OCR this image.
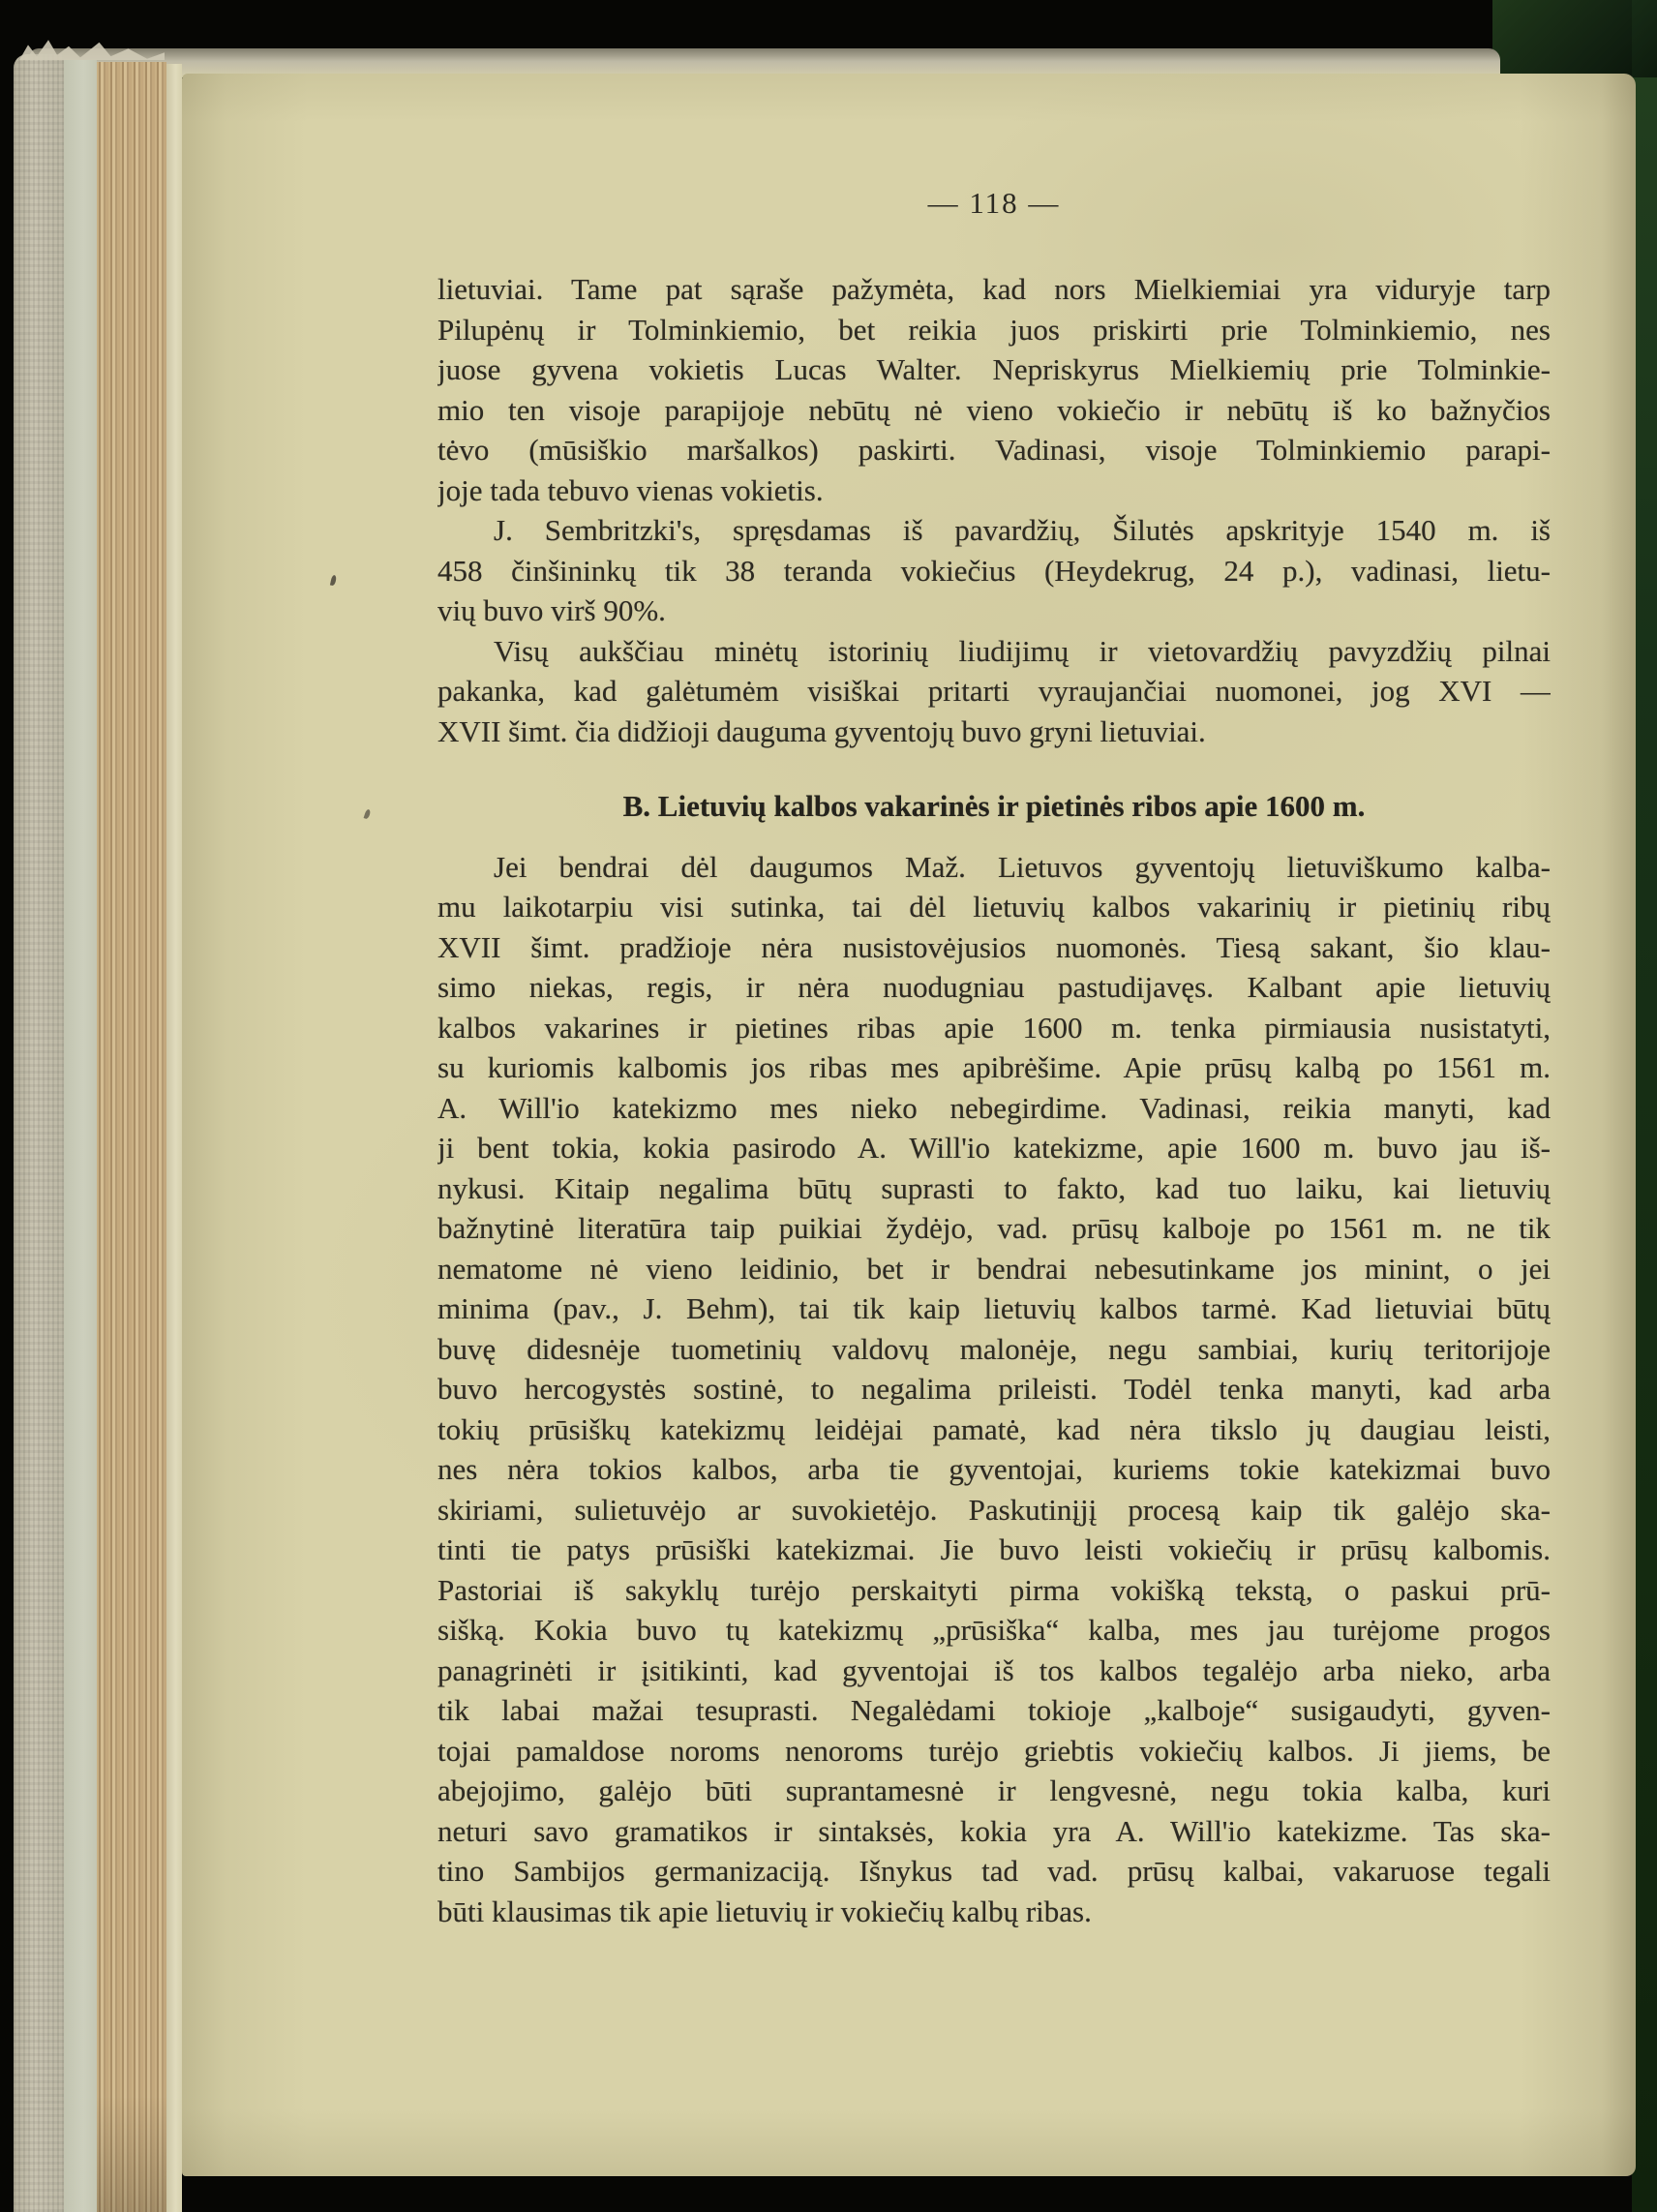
— 118 —
lietuviai. Tame pat sąraše pažymėta, kad nors Mielkiemiai yra viduryje tarp
Pilupėnų ir Tolminkiemio, bet reikia juos priskirti prie Tolminkiemio, nes
juose gyvena vokietis Lucas Walter. Nepriskyrus Mielkiemių prie Tolminkie-
mio ten visoje parapijoje nebūtų nė vieno vokiečio ir nebūtų iš ko bažnyčios
tėvo (mūsiškio maršalkos) paskirti. Vadinasi, visoje Tolminkiemio parapi-
joje tada tebuvo vienas vokietis.
J. Sembritzki's, spręsdamas iš pavardžių, Šilutės apskrityje 1540 m. iš
458 činšininkų tik 38 teranda vokiečius (Heydekrug, 24 p.), vadinasi, lietu-
vių buvo virš 90%.
Visų aukščiau minėtų istorinių liudijimų ir vietovardžių pavyzdžių pilnai
pakanka, kad galėtumėm visiškai pritarti vyraujančiai nuomonei, jog XVI —
XVII šimt. čia didžioji dauguma gyventojų buvo gryni lietuviai.
B. Lietuvių kalbos vakarinės ir pietinės ribos apie 1600 m.
Jei bendrai dėl daugumos Maž. Lietuvos gyventojų lietuviškumo kalba-
mu laikotarpiu visi sutinka, tai dėl lietuvių kalbos vakarinių ir pietinių ribų
XVII šimt. pradžioje nėra nusistovėjusios nuomonės. Tiesą sakant, šio klau-
simo niekas, regis, ir nėra nuodugniau pastudijavęs. Kalbant apie lietuvių
kalbos vakarines ir pietines ribas apie 1600 m. tenka pirmiausia nusistatyti,
su kuriomis kalbomis jos ribas mes apibrėšime. Apie prūsų kalbą po 1561 m.
A. Will'io katekizmo mes nieko nebegirdime. Vadinasi, reikia manyti, kad
ji bent tokia, kokia pasirodo A. Will'io katekizme, apie 1600 m. buvo jau iš-
nykusi. Kitaip negalima būtų suprasti to fakto, kad tuo laiku, kai lietuvių
bažnytinė literatūra taip puikiai žydėjo, vad. prūsų kalboje po 1561 m. ne tik
nematome nė vieno leidinio, bet ir bendrai nebesutinkame jos minint, o jei
minima (pav., J. Behm), tai tik kaip lietuvių kalbos tarmė. Kad lietuviai būtų
buvę didesnėje tuometinių valdovų malonėje, negu sambiai, kurių teritorijoje
buvo hercogystės sostinė, to negalima prileisti. Todėl tenka manyti, kad arba
tokių prūsiškų katekizmų leidėjai pamatė, kad nėra tikslo jų daugiau leisti,
nes nėra tokios kalbos, arba tie gyventojai, kuriems tokie katekizmai buvo
skiriami, sulietuvėjo ar suvokietėjo. Paskutinįjį procesą kaip tik galėjo ska-
tinti tie patys prūsiški katekizmai. Jie buvo leisti vokiečių ir prūsų kalbomis.
Pastoriai iš sakyklų turėjo perskaityti pirma vokišką tekstą, o paskui prū-
sišką. Kokia buvo tų katekizmų „prūsiška“ kalba, mes jau turėjome progos
panagrinėti ir įsitikinti, kad gyventojai iš tos kalbos tegalėjo arba nieko, arba
tik labai mažai tesuprasti. Negalėdami tokioje „kalboje“ susigaudyti, gyven-
tojai pamaldose noroms nenoroms turėjo griebtis vokiečių kalbos. Ji jiems, be
abejojimo, galėjo būti suprantamesnė ir lengvesnė, negu tokia kalba, kuri
neturi savo gramatikos ir sintaksės, kokia yra A. Will'io katekizme. Tas ska-
tino Sambijos germanizaciją. Išnykus tad vad. prūsų kalbai, vakaruose tegali
būti klausimas tik apie lietuvių ir vokiečių kalbų ribas.
